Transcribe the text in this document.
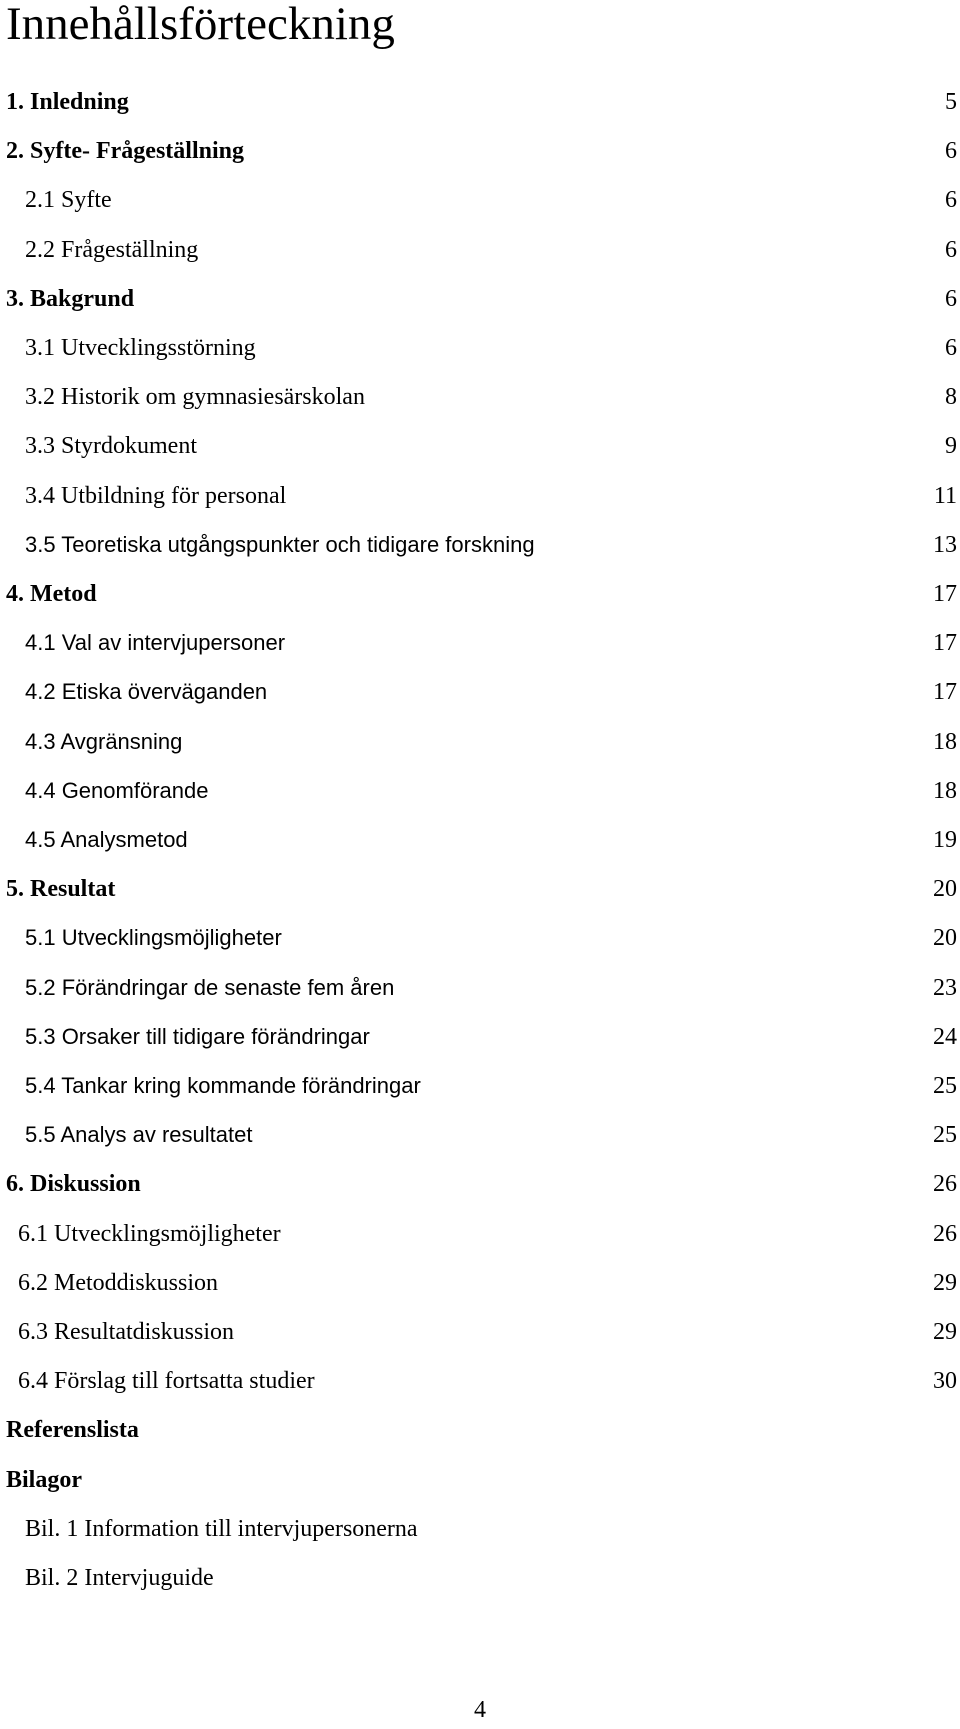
Innehållsförteckning
1. Inledning	5
2. Syfte- Frågeställning	6
2.1 Syfte	6
2.2 Frågeställning	6
3. Bakgrund	6
3.1 Utvecklingsstörning	6
3.2 Historik om gymnasiesärskolan	8
3.3 Styrdokument	9
3.4 Utbildning för personal	11
3.5 Teoretiska utgångspunkter och tidigare forskning	13
4. Metod	17
4.1 Val av intervjupersoner	17
4.2 Etiska överväganden	17
4.3 Avgränsning	18
4.4 Genomförande	18
4.5 Analysmetod	19
5. Resultat	20
5.1 Utvecklingsmöjligheter	20
5.2 Förändringar de senaste fem åren	23
5.3 Orsaker till tidigare förändringar	24
5.4 Tankar kring kommande förändringar	25
5.5 Analys av resultatet	25
6. Diskussion	26
6.1 Utvecklingsmöjligheter	26
6.2 Metoddiskussion	29
6.3 Resultatdiskussion	29
6.4 Förslag till fortsatta studier	30
Referenslista
Bilagor
Bil. 1 Information till intervjupersonerna
Bil. 2 Intervjuguide
4
